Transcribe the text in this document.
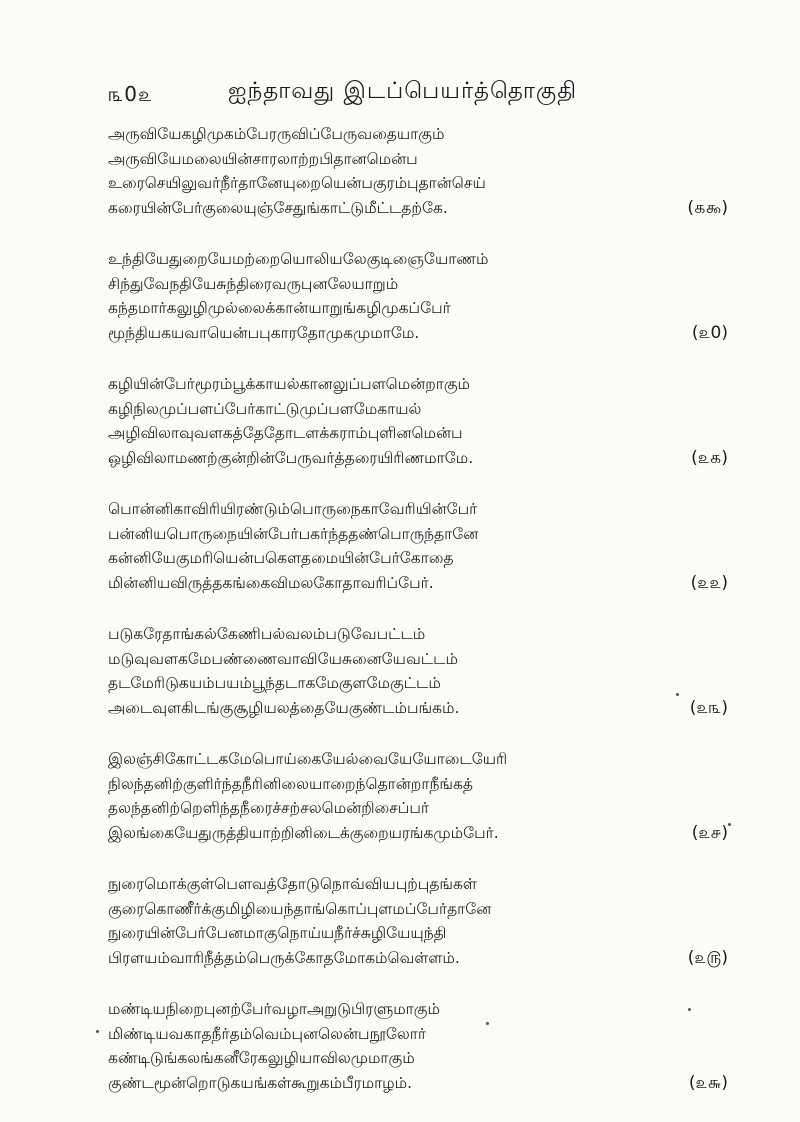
௩0௨	ஐந்தாவது இடப்பெயர்த்தொகுதி
அருவியேகழிமுகம்பேரருவிப்பேருவதையாகும்
அருவியேமலையின்சாரலாற்றபிதானமென்ப
உரைசெயிலுவர்நீர்தானேயுறையென்பகுரம்புதான்செய்
கரையின்பேர்குலையுஞ்சேதுங்காட்டுமீட்டதற்கே.	(௧௯)
உந்தியேதுறையேமற்றையொலியலேகுடிஞையோணம்
சிந்துவேநதியேசுந்திரைவருபுனலேயாறும்
கந்தமார்கலுழிமுல்லைக்கான்யாறுங்கழிமுகப்பேர்
மூந்தியகயவாயென்பபுகாரதோமுகமுமாமே.	(௨0)
கழியின்பேர்மூரம்பூக்காயல்கானலுப்பளமென்றாகும்
கழிநிலமுப்பளப்பேர்காட்டுமுப்பளமேகாயல்
அழிவிலாவுவளகத்தேதோடளக்கராம்புளினமென்ப
ஒழிவிலாமணற்குன்றின்பேருவர்த்தரையிரிணமாமே.	(௨௧)
பொன்னிகாவிரியிரண்டும்பொருநைகாவேரியின்பேர்
பன்னியபொருநையின்பேர்பகர்ந்ததண்பொருந்தானே
கன்னியேகுமரியென்பகௌதமையின்பேர்கோதை
மின்னியவிருத்தகங்கைவிமலகோதாவரிப்பேர்.	(௨௨)
படுகரேதாங்கல்கேணிபல்வலம்படுவேபட்டம்
மடுவுவளகமேபண்ணைவாவியேசுனையேவட்டம்
தடமேரிடுகயம்பயம்பூந்தடாகமேகுளமேகுட்டம்
அடைவுளகிடங்குசூழியலத்தையேகுண்டம்பங்கம்.	(௨௩)
இலஞ்சிகோட்டகமேபொய்கையேல்வையேயோடையேரி
நிலந்தனிற்குளிர்ந்தநீரினிலையாறைந்தொன்றாநீங்கத்
தலந்தனிற்றெளிந்தநீரைச்சற்சலமென்றிசைப்பர்
இலங்கையேதுருத்தியாற்றினிடைக்குறையரங்கமும்பேர்.	(௨௪)
நுரைமொக்குள்பௌவத்தோடுநொவ்வியபுற்புதங்கள்
குரைகொணீர்க்குமிழியைந்தாங்கொப்புளமப்பேர்தானே
நுரையின்பேர்பேனமாகுநொய்யநீர்ச்சுழியேயுந்தி
பிரளயம்வாரிநீத்தம்பெருக்கோதமோகம்வெள்ளம்.	(௨௫)
மண்டியநிறைபுனற்பேர்வழாஅறுடுபிரளுமாகும்
மிண்டியவகாதநீர்தம்வெம்புனலென்பநூலோர்
கண்டிடுங்கலங்கனீரேகலுழியாவிலமுமாகும்
குண்டமூன்றொடுகயங்கள்கூறுகம்பீரமாழம்.	(௨௬)
